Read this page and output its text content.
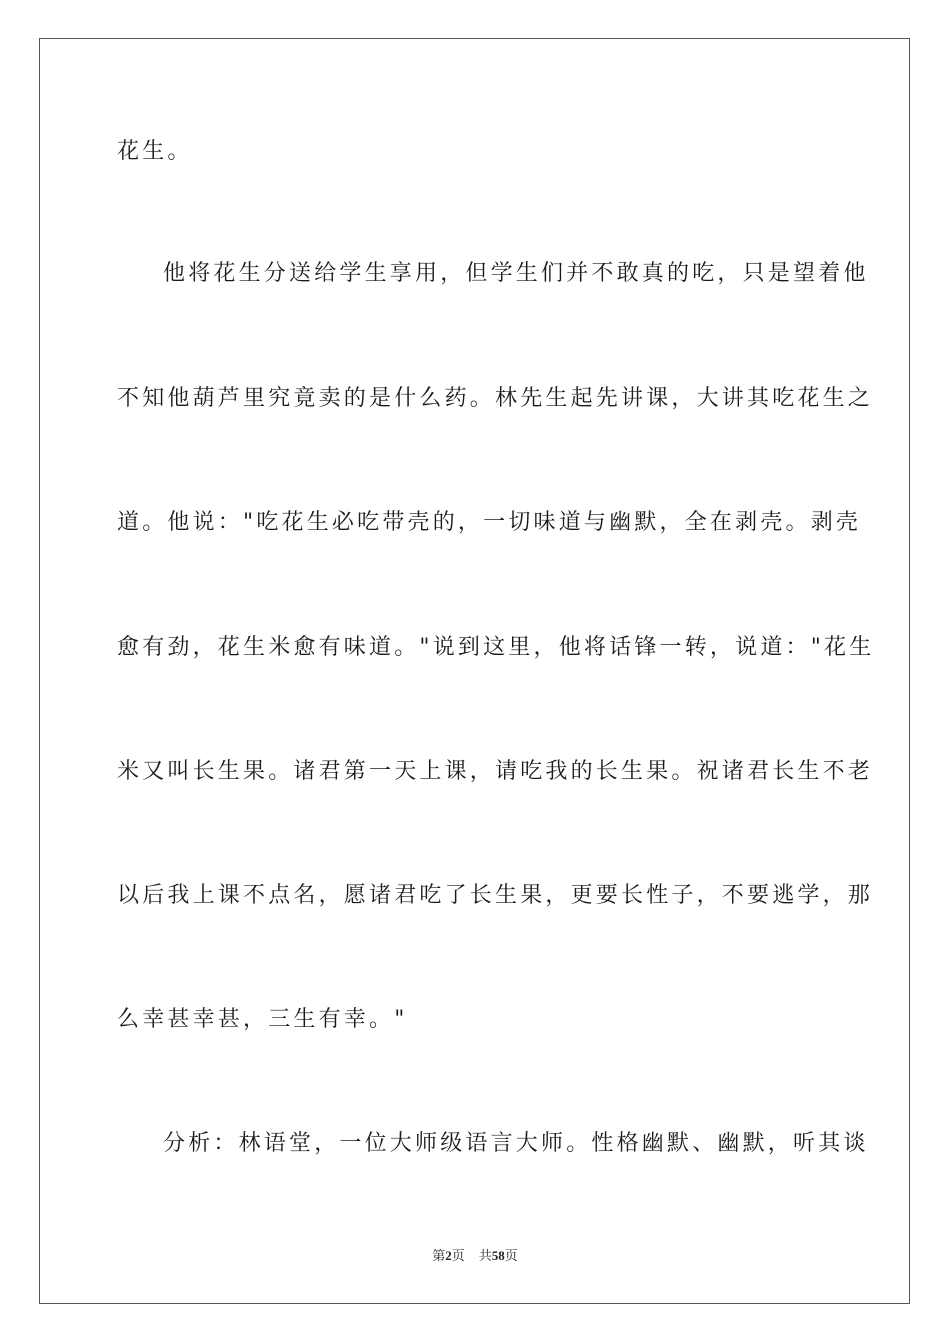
花生。
他将花生分送给学生享用，但学生们并不敢真的吃，只是望着他
不知他葫芦里究竟卖的是什么药。林先生起先讲课，大讲其吃花生之
道。他说："吃花生必吃带壳的，一切味道与幽默，全在剥壳。剥壳
愈有劲，花生米愈有味道。"说到这里，他将话锋一转，说道："花生
米又叫长生果。诸君第一天上课，请吃我的长生果。祝诸君长生不老
以后我上课不点名，愿诸君吃了长生果，更要长性子，不要逃学，那
么幸甚幸甚，三生有幸。"
分析：林语堂，一位大师级语言大师。性格幽默、幽默，听其谈
第2页 共58页
